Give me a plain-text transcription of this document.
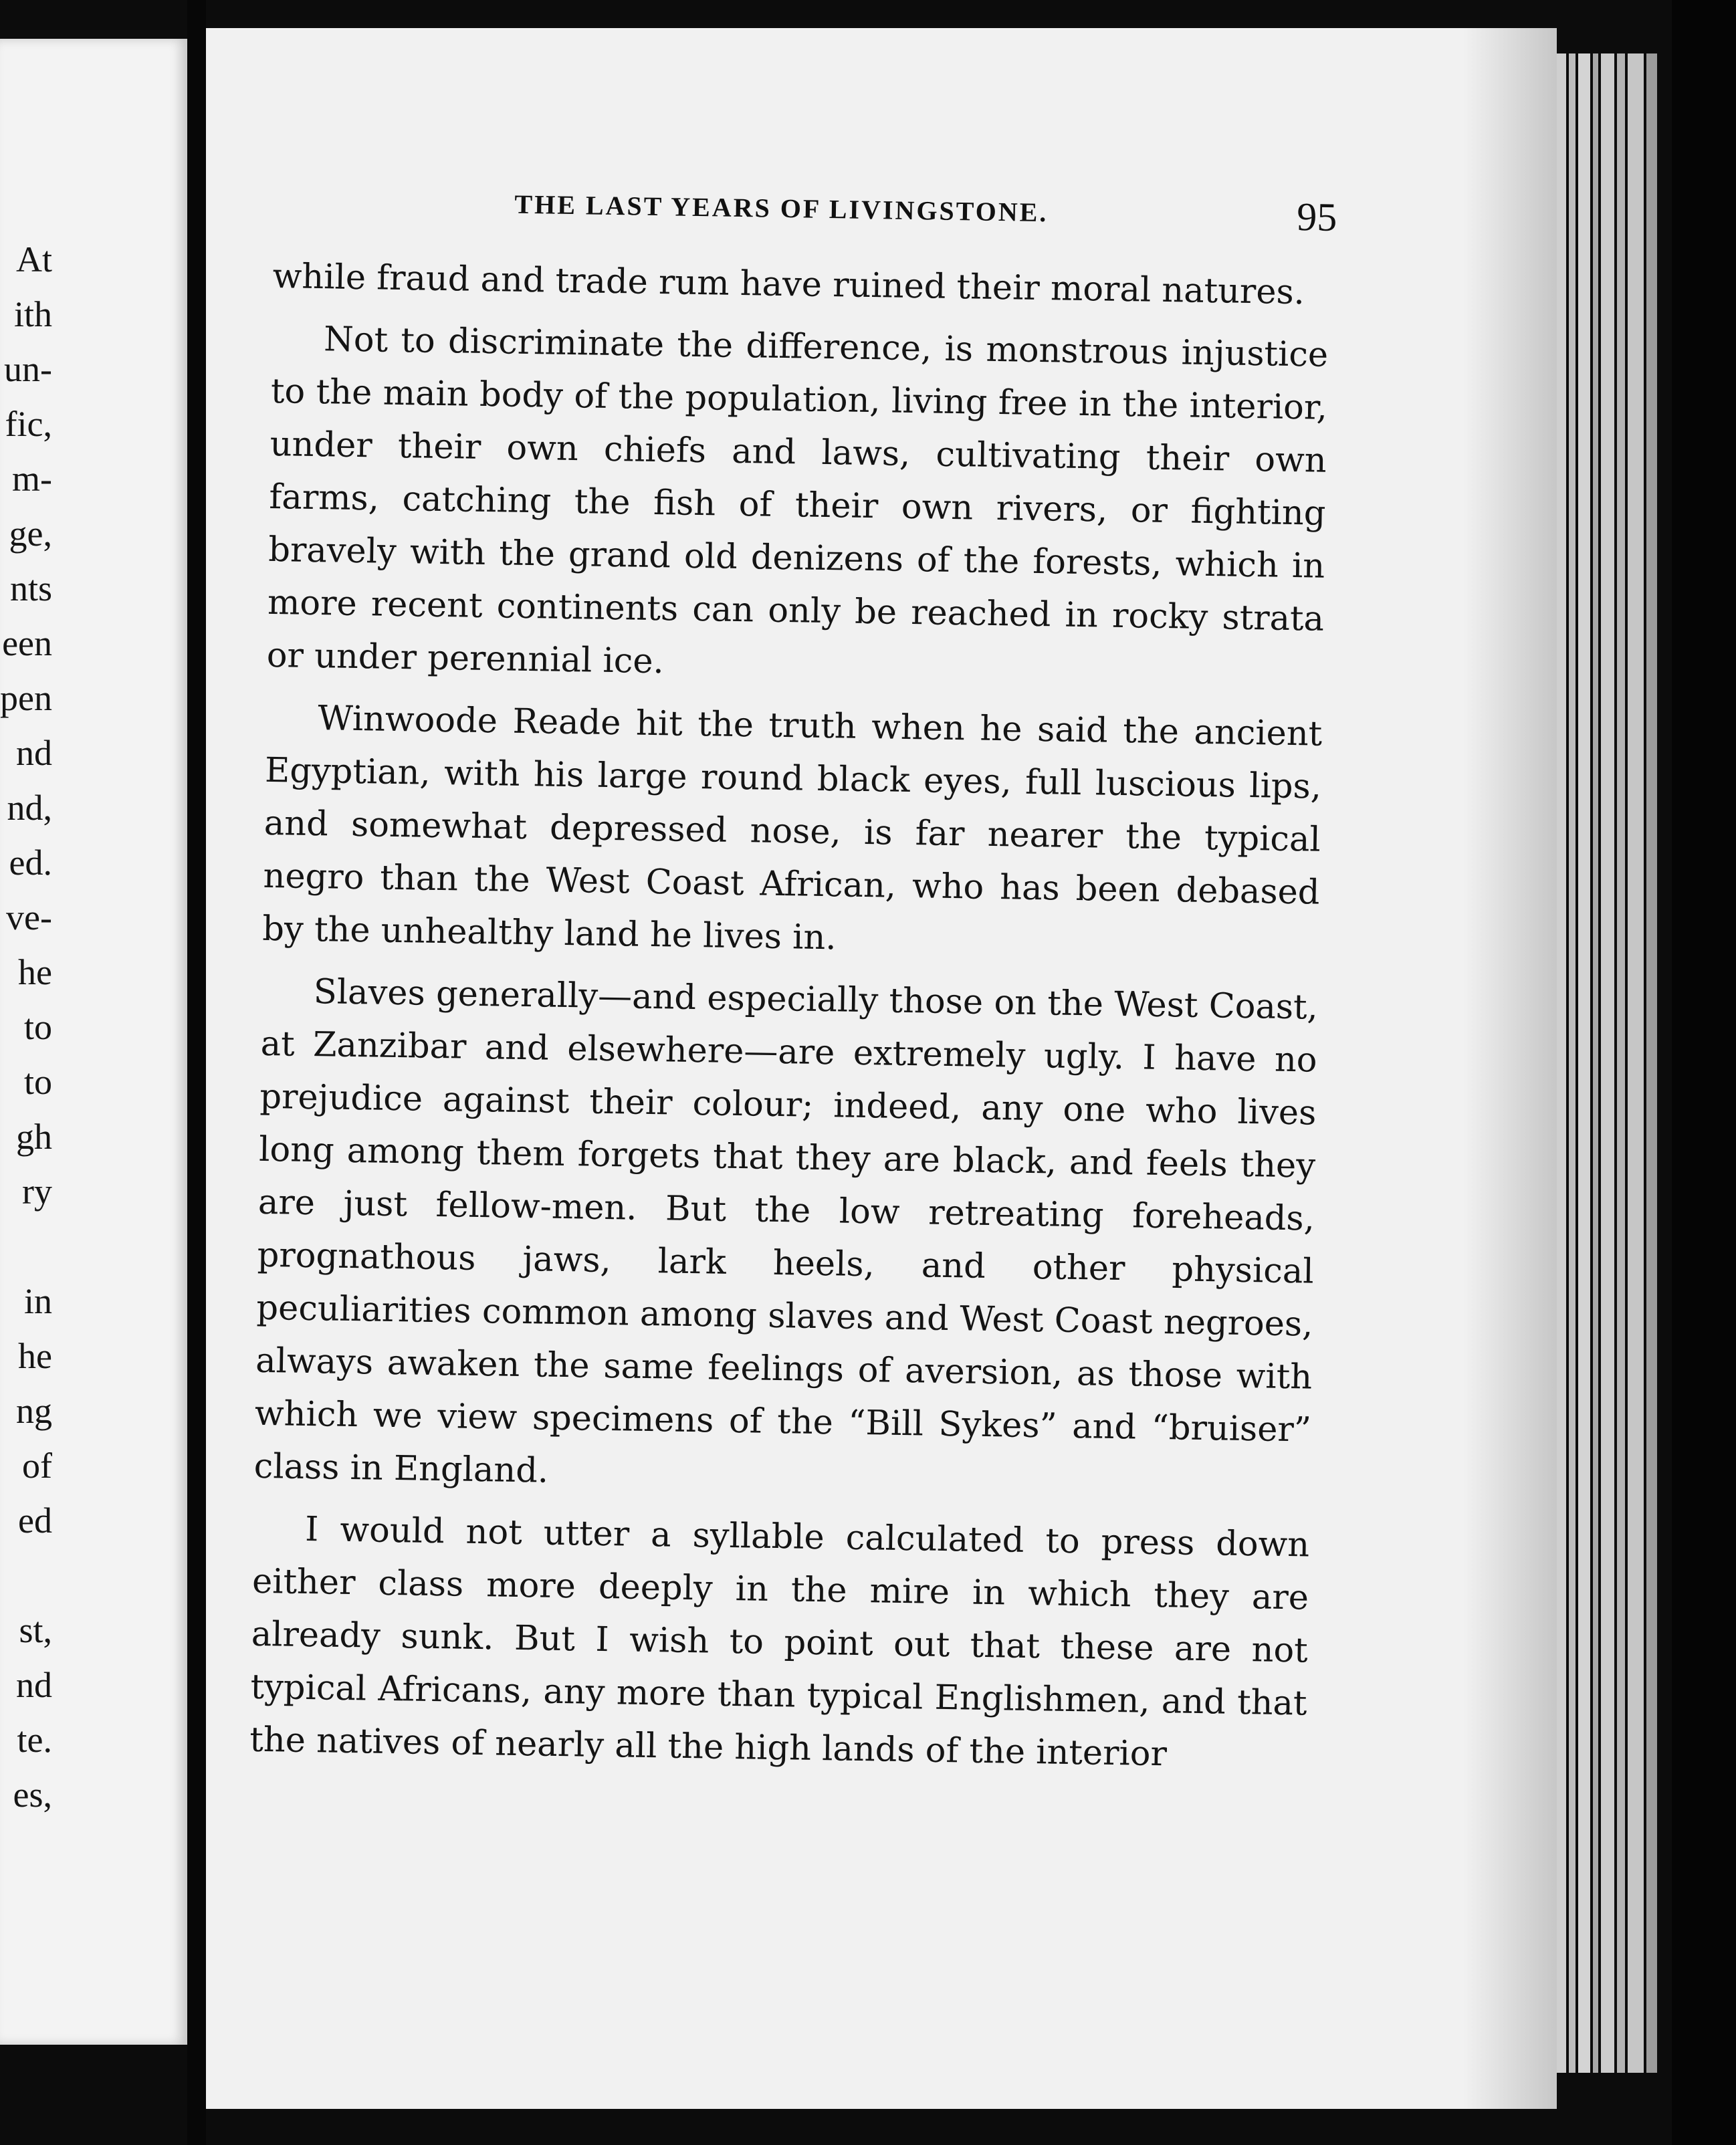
At
ith
un-
fic,
m-
ge,
nts
een
pen
nd
nd,
ed.
ve-
he
to
to
gh
ry
in
he
ng
of
ed
st,
nd
te.
es,
THE LAST YEARS OF LIVINGSTONE.	95

while fraud and trade rum have ruined their moral natures.

Not to discriminate the difference, is monstrous injustice to the main body of the population, living free in the interior, under their own chiefs and laws, cultivating their own farms, catching the fish of their own rivers, or fighting bravely with the grand old denizens of the forests, which in more recent continents can only be reached in rocky strata or under perennial ice.

Winwoode Reade hit the truth when he said the ancient Egyptian, with his large round black eyes, full luscious lips, and somewhat depressed nose, is far nearer the typical negro than the West Coast African, who has been debased by the unhealthy land he lives in.

Slaves generally—and especially those on the West Coast, at Zanzibar and elsewhere—are extremely ugly. I have no prejudice against their colour; indeed, any one who lives long among them forgets that they are black, and feels they are just fellow-men. But the low retreating foreheads, prognathous jaws, lark heels, and other physical peculiarities common among slaves and West Coast negroes, always awaken the same feelings of aversion, as those with which we view specimens of the “Bill Sykes” and “bruiser” class in England.

I would not utter a syllable calculated to press down either class more deeply in the mire in which they are already sunk. But I wish to point out that these are not typical Africans, any more than typical Englishmen, and that the natives of nearly all the high lands of the interior
